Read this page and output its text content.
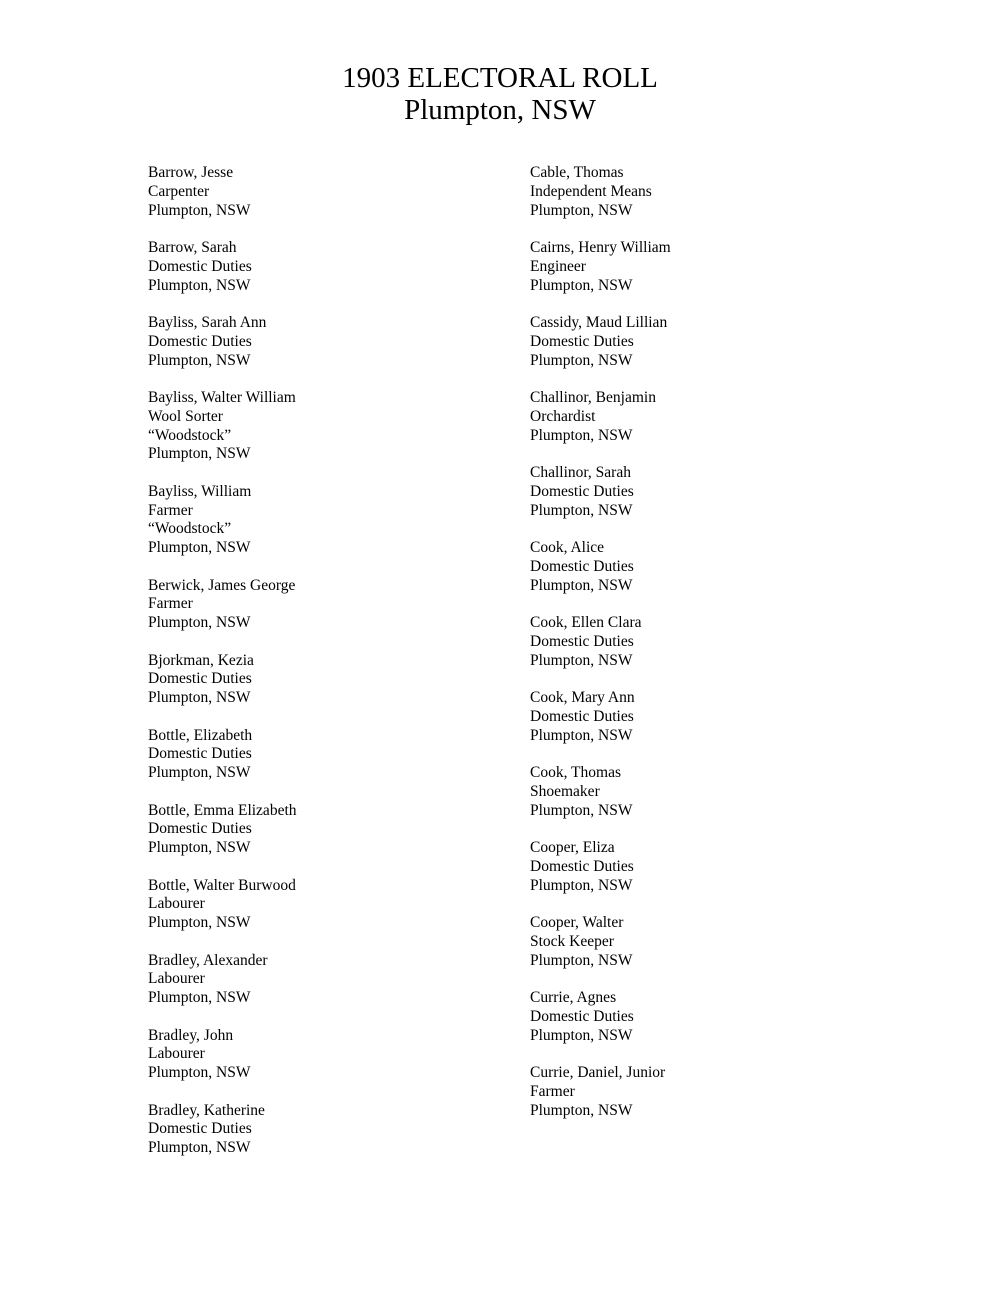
1903 ELECTORAL ROLL
Plumpton, NSW
Barrow, Jesse
Carpenter
Plumpton, NSW
Barrow, Sarah
Domestic Duties
Plumpton, NSW
Bayliss, Sarah Ann
Domestic Duties
Plumpton, NSW
Bayliss, Walter William
Wool Sorter
“Woodstock”
Plumpton, NSW
Bayliss, William
Farmer
“Woodstock”
Plumpton, NSW
Berwick, James George
Farmer
Plumpton, NSW
Bjorkman, Kezia
Domestic Duties
Plumpton, NSW
Bottle, Elizabeth
Domestic Duties
Plumpton, NSW
Bottle, Emma Elizabeth
Domestic Duties
Plumpton, NSW
Bottle, Walter Burwood
Labourer
Plumpton, NSW
Bradley, Alexander
Labourer
Plumpton, NSW
Bradley, John
Labourer
Plumpton, NSW
Bradley, Katherine
Domestic Duties
Plumpton, NSW
Cable, Thomas
Independent Means
Plumpton, NSW
Cairns, Henry William
Engineer
Plumpton, NSW
Cassidy, Maud Lillian
Domestic Duties
Plumpton, NSW
Challinor, Benjamin
Orchardist
Plumpton, NSW
Challinor, Sarah
Domestic Duties
Plumpton, NSW
Cook, Alice
Domestic Duties
Plumpton, NSW
Cook, Ellen Clara
Domestic Duties
Plumpton, NSW
Cook, Mary Ann
Domestic Duties
Plumpton, NSW
Cook, Thomas
Shoemaker
Plumpton, NSW
Cooper, Eliza
Domestic Duties
Plumpton, NSW
Cooper, Walter
Stock Keeper
Plumpton, NSW
Currie, Agnes
Domestic Duties
Plumpton, NSW
Currie, Daniel, Junior
Farmer
Plumpton, NSW
